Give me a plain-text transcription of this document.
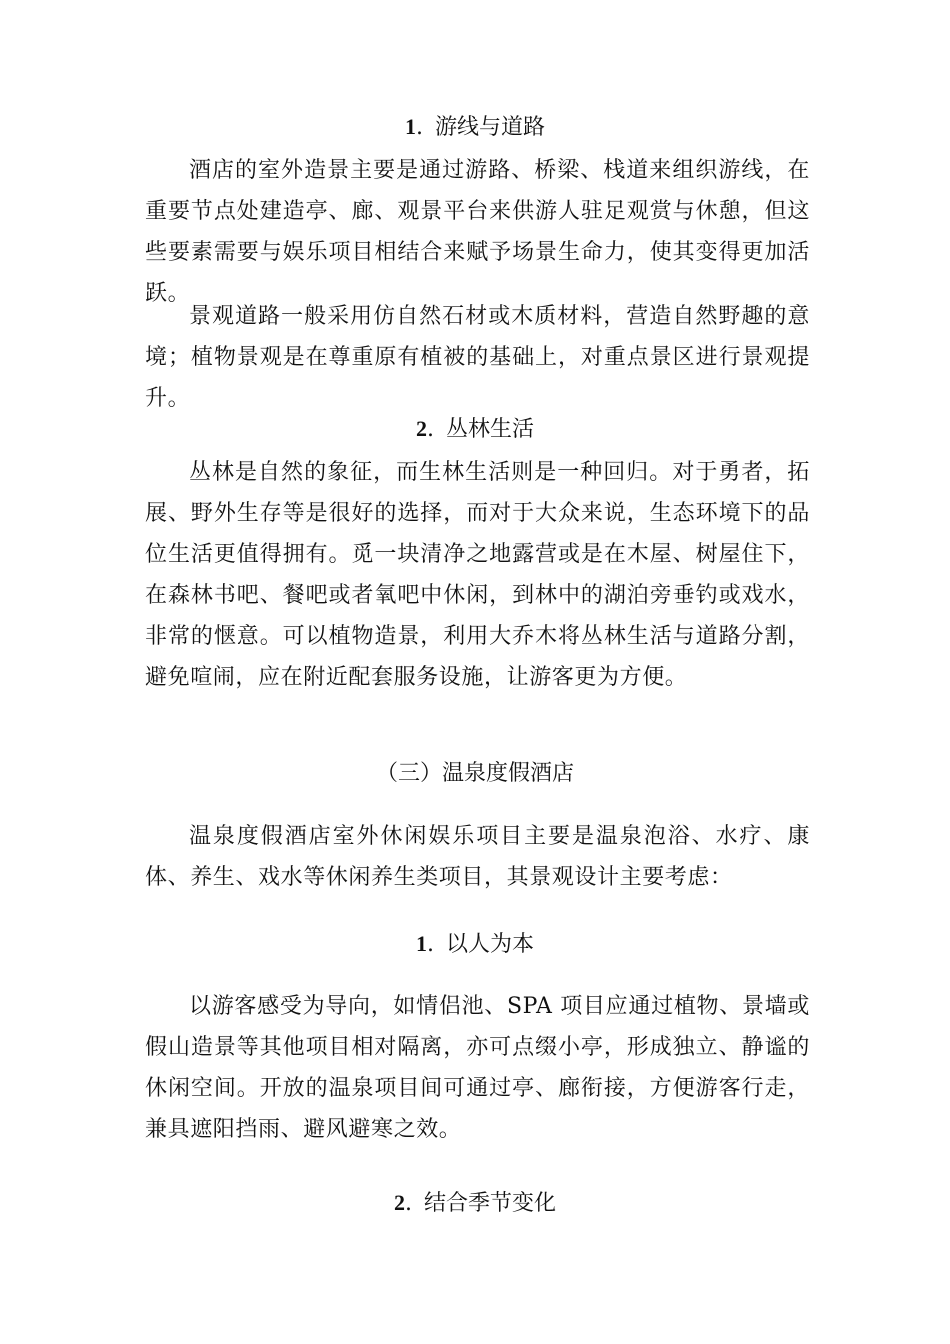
1. 游线与道路

酒店的室外造景主要是通过游路、桥梁、栈道来组织游线，在重要节点处建造亭、廊、观景平台来供游人驻足观赏与休憩，但这些要素需要与娱乐项目相结合来赋予场景生命力，使其变得更加活跃。

景观道路一般采用仿自然石材或木质材料，营造自然野趣的意境；植物景观是在尊重原有植被的基础上，对重点景区进行景观提升。

2. 丛林生活

丛林是自然的象征，而生林生活则是一种回归。对于勇者，拓展、野外生存等是很好的选择，而对于大众来说，生态环境下的品位生活更值得拥有。觅一块清净之地露营或是在木屋、树屋住下，在森林书吧、餐吧或者氧吧中休闲，到林中的湖泊旁垂钓或戏水，非常的惬意。可以植物造景，利用大乔木将丛林生活与道路分割，避免喧闹，应在附近配套服务设施，让游客更为方便。

（三）温泉度假酒店

温泉度假酒店室外休闲娱乐项目主要是温泉泡浴、水疗、康体、养生、戏水等休闲养生类项目，其景观设计主要考虑：

1. 以人为本

以游客感受为导向，如情侣池、SPA 项目应通过植物、景墙或假山造景等其他项目相对隔离，亦可点缀小亭，形成独立、静谧的休闲空间。开放的温泉项目间可通过亭、廊衔接，方便游客行走，兼具遮阳挡雨、避风避寒之效。

2. 结合季节变化
